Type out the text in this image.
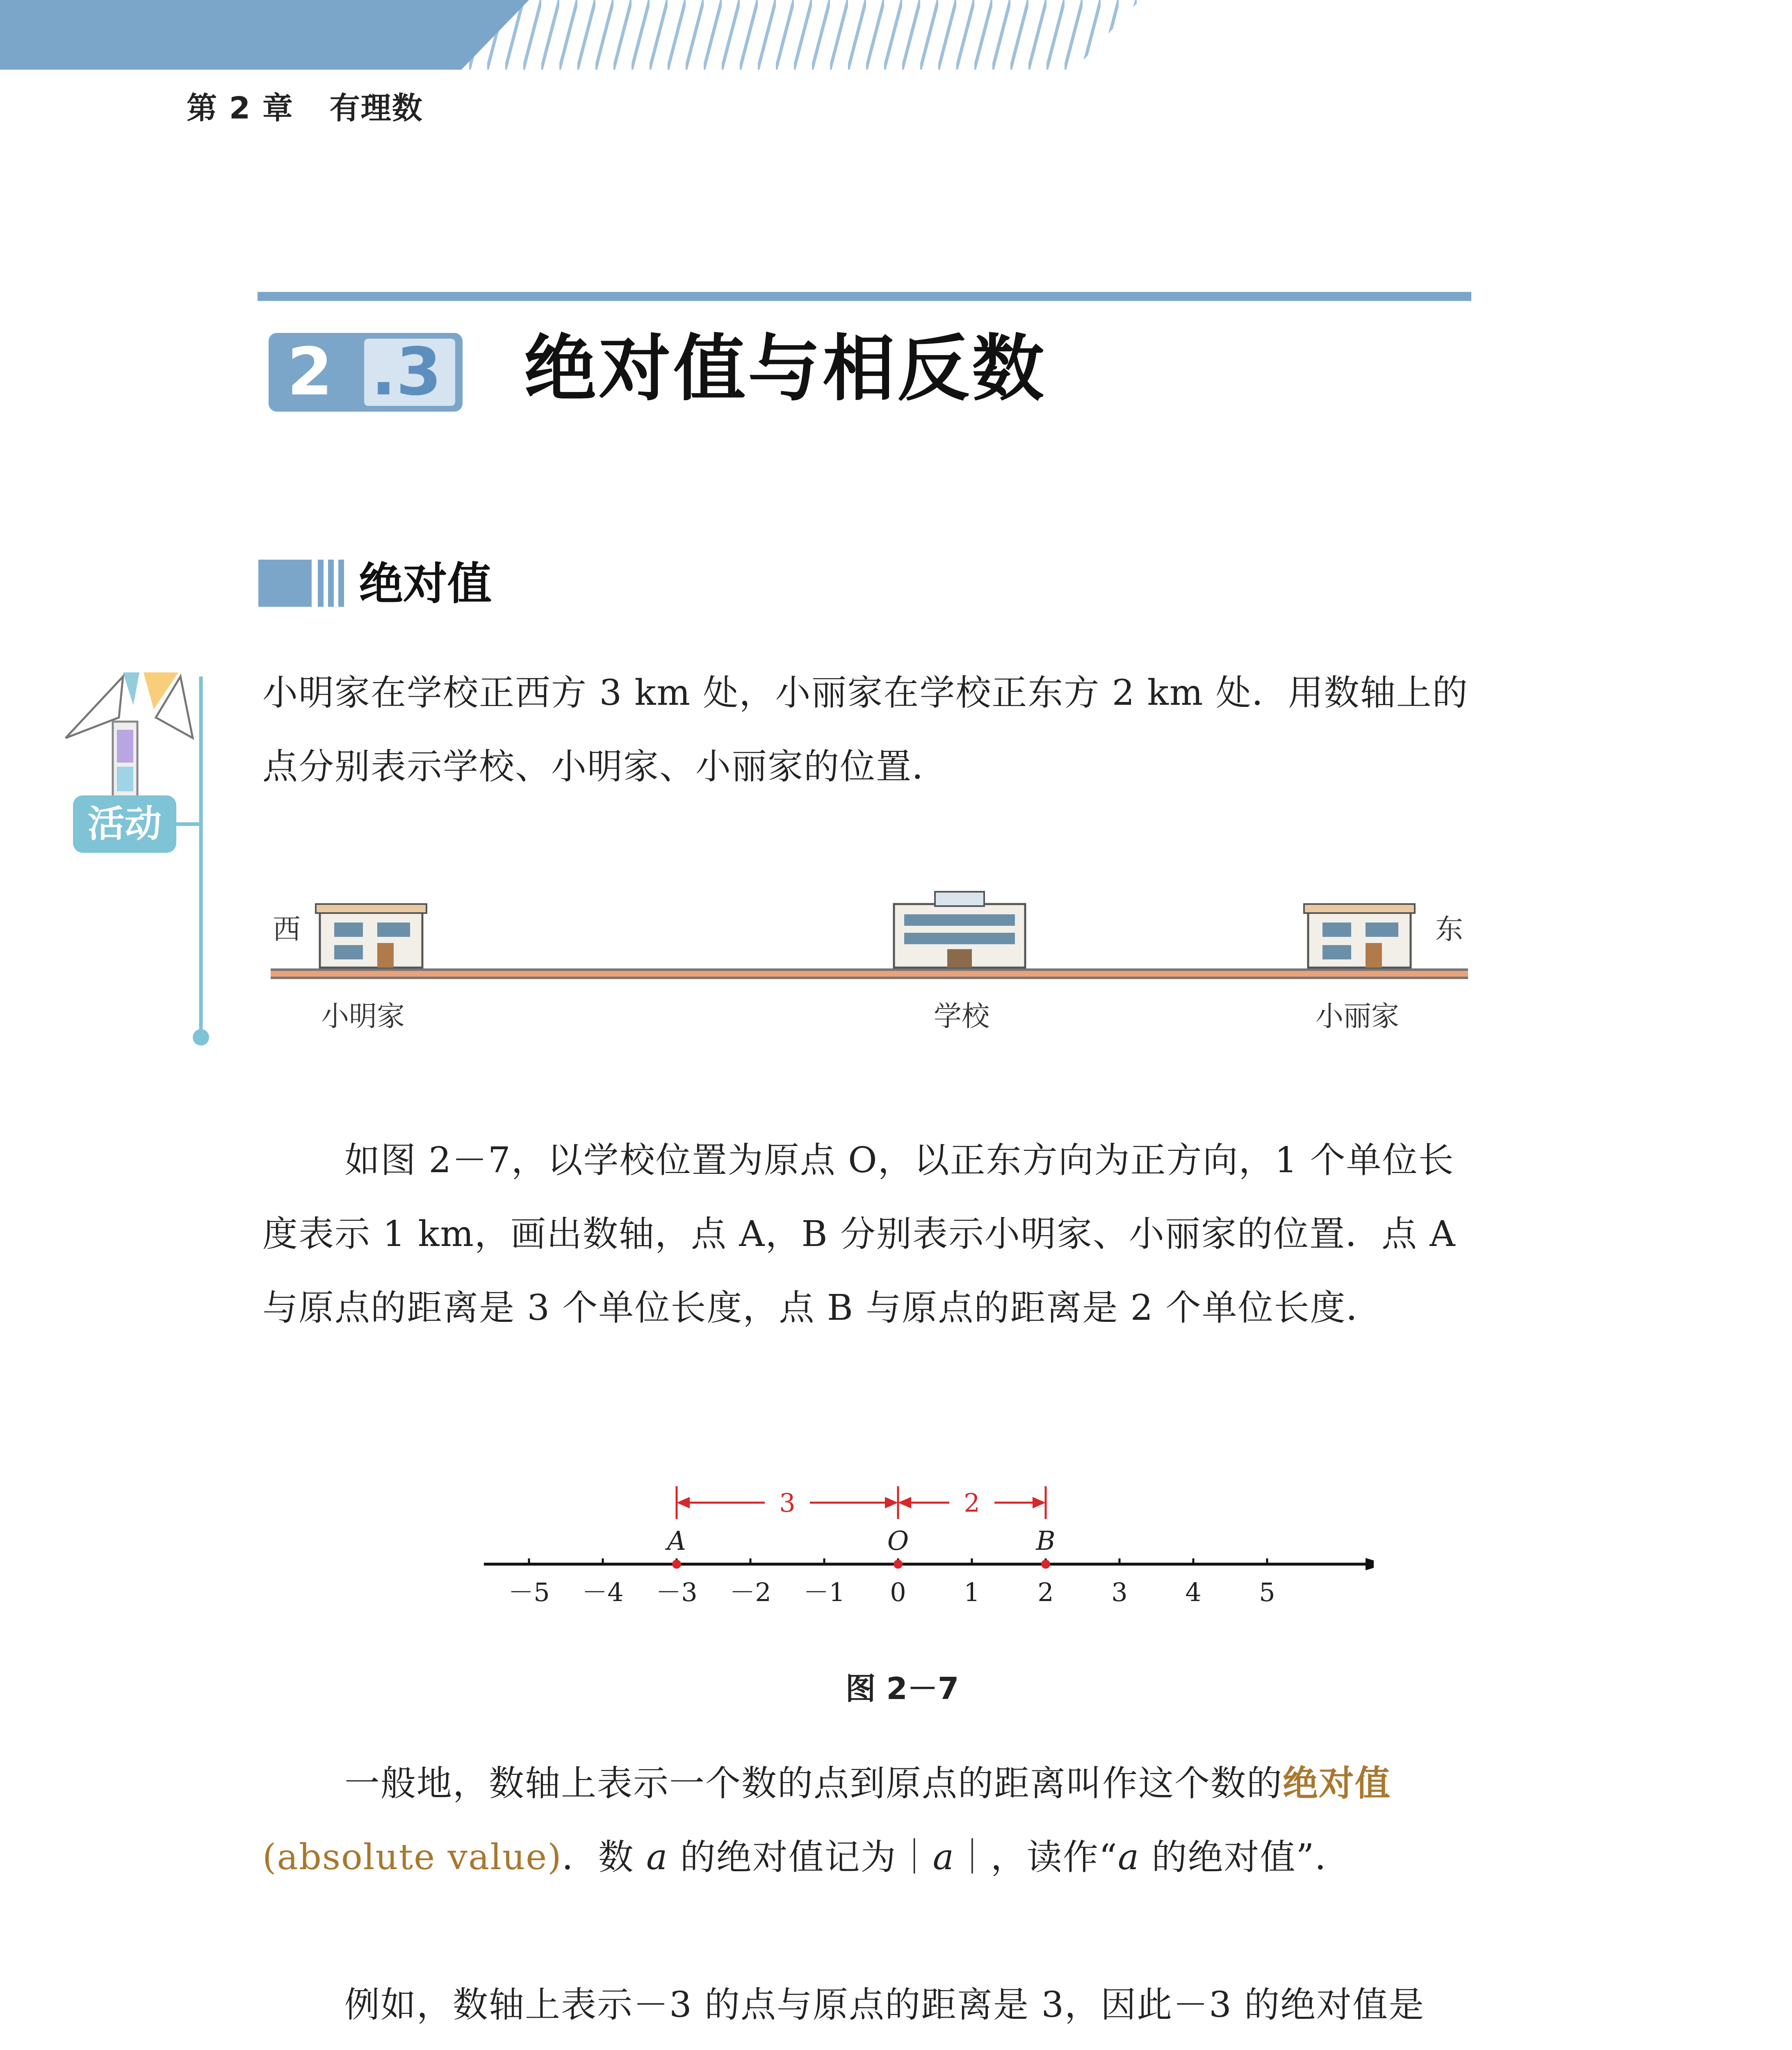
第 2 章 有理数
2 .3 绝对值与相反数
绝对值
活动
小明家在学校正西方 3 km 处，小丽家在学校正东方 2 km 处．用数轴上的点分别表示学校、小明家、小丽家的位置．
西	东
小明家	学校	小丽家
如图 2－7，以学校位置为原点 O，以正东方向为正方向，1 个单位长度表示 1 km，画出数轴，点 A，B 分别表示小明家、小丽家的位置．点 A 与原点的距离是 3 个单位长度，点 B 与原点的距离是 2 个单位长度．
－5 －4 －3 －2 －1 0 1 2 3 4 5
A	O	B
3	2
图 2－7
一般地，数轴上表示一个数的点到原点的距离叫作这个数的绝对值(absolute value)．数 a 的绝对值记为｜a｜，读作“a 的绝对值”．
例如，数轴上表示－3 的点与原点的距离是 3，因此－3 的绝对值是
